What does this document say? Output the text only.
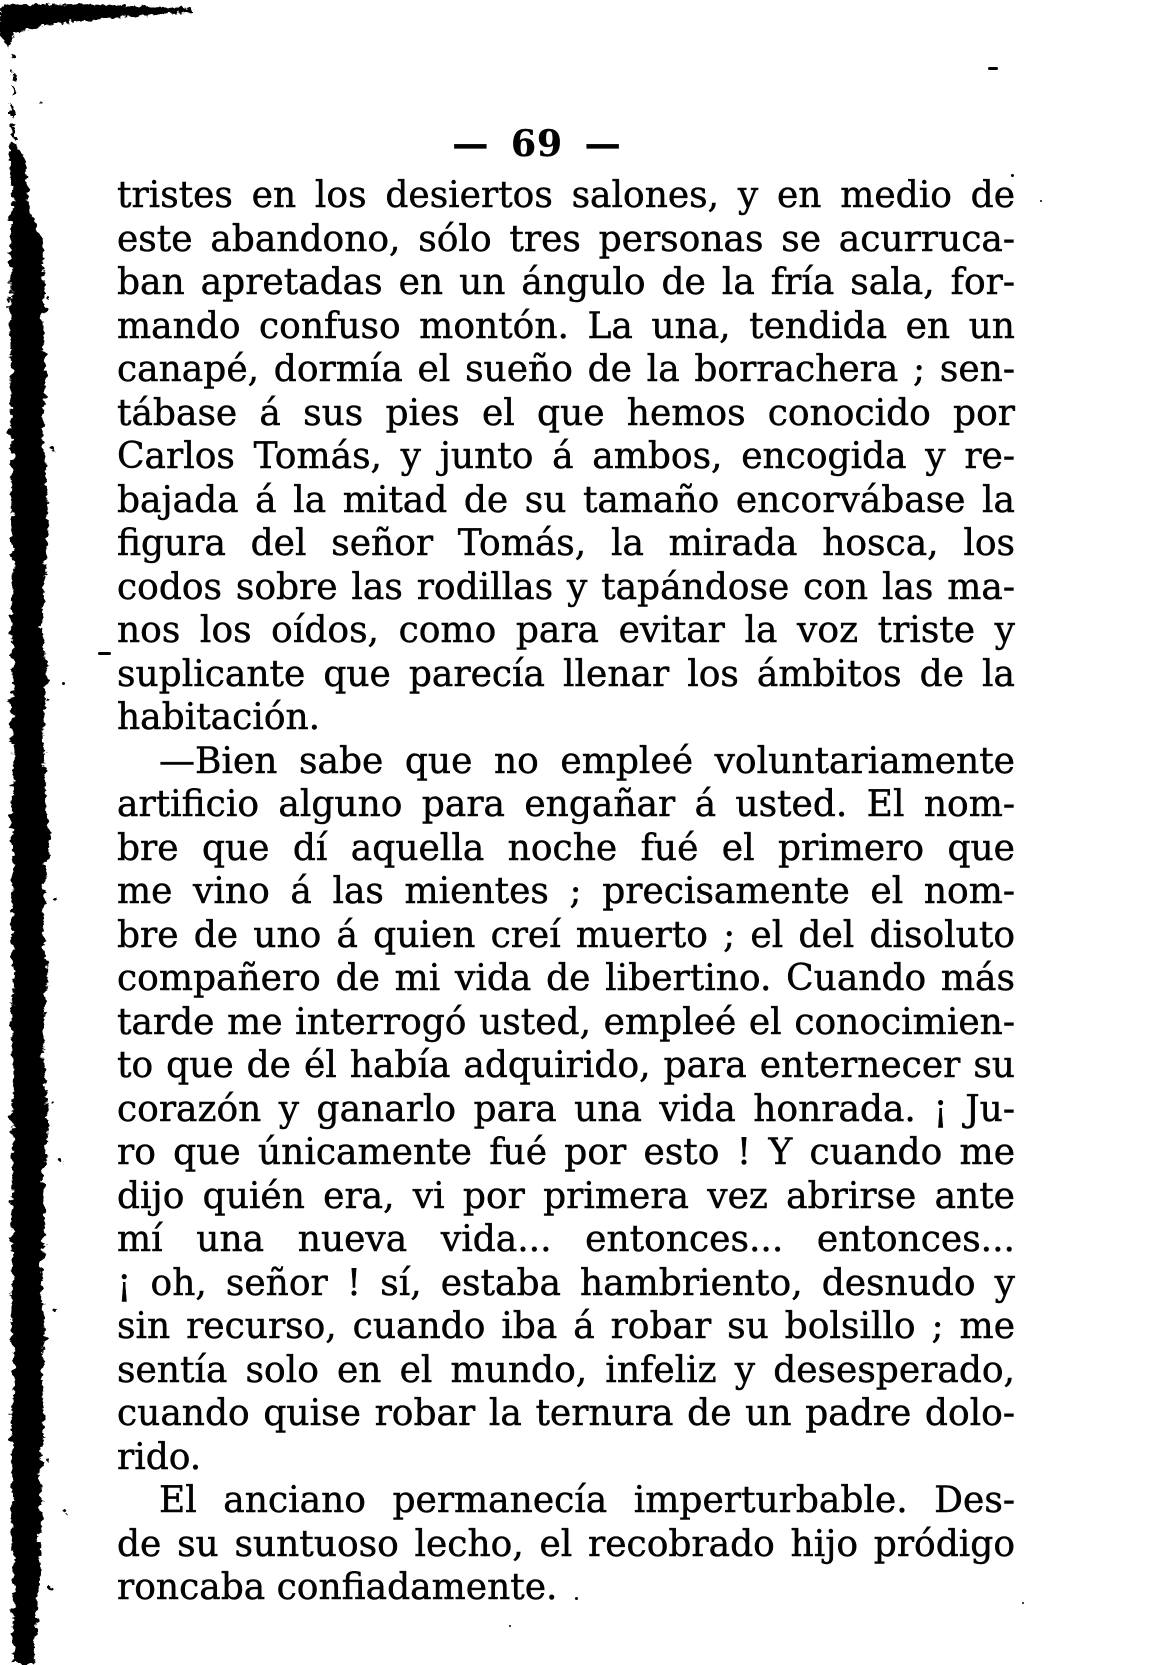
— 69 —
tristes en los desiertos salones, y en medio de
este abandono, sólo tres personas se acurruca-
ban apretadas en un ángulo de la fría sala, for-
mando confuso montón. La una, tendida en un
canapé, dormía el sueño de la borrachera ; sen-
tábase á sus pies el que hemos conocido por
Carlos Tomás, y junto á ambos, encogida y re-
bajada á la mitad de su tamaño encorvábase la
figura del señor Tomás, la mirada hosca, los
codos sobre las rodillas y tapándose con las ma-
nos los oídos, como para evitar la voz triste y
suplicante que parecía llenar los ámbitos de la
habitación.
—Bien sabe que no empleé voluntariamente
artificio alguno para engañar á usted. El nom-
bre que dí aquella noche fué el primero que
me vino á las mientes ; precisamente el nom-
bre de uno á quien creí muerto ; el del disoluto
compañero de mi vida de libertino. Cuando más
tarde me interrogó usted, empleé el conocimien-
to que de él había adquirido, para enternecer su
corazón y ganarlo para una vida honrada. ¡ Ju-
ro que únicamente fué por esto ! Y cuando me
dijo quién era, vi por primera vez abrirse ante
mí una nueva vida... entonces... entonces...
¡ oh, señor ! sí, estaba hambriento, desnudo y
sin recurso, cuando iba á robar su bolsillo ; me
sentía solo en el mundo, infeliz y desesperado,
cuando quise robar la ternura de un padre dolo-
rido.
El anciano permanecía imperturbable. Des-
de su suntuoso lecho, el recobrado hijo pródigo
roncaba confiadamente.
